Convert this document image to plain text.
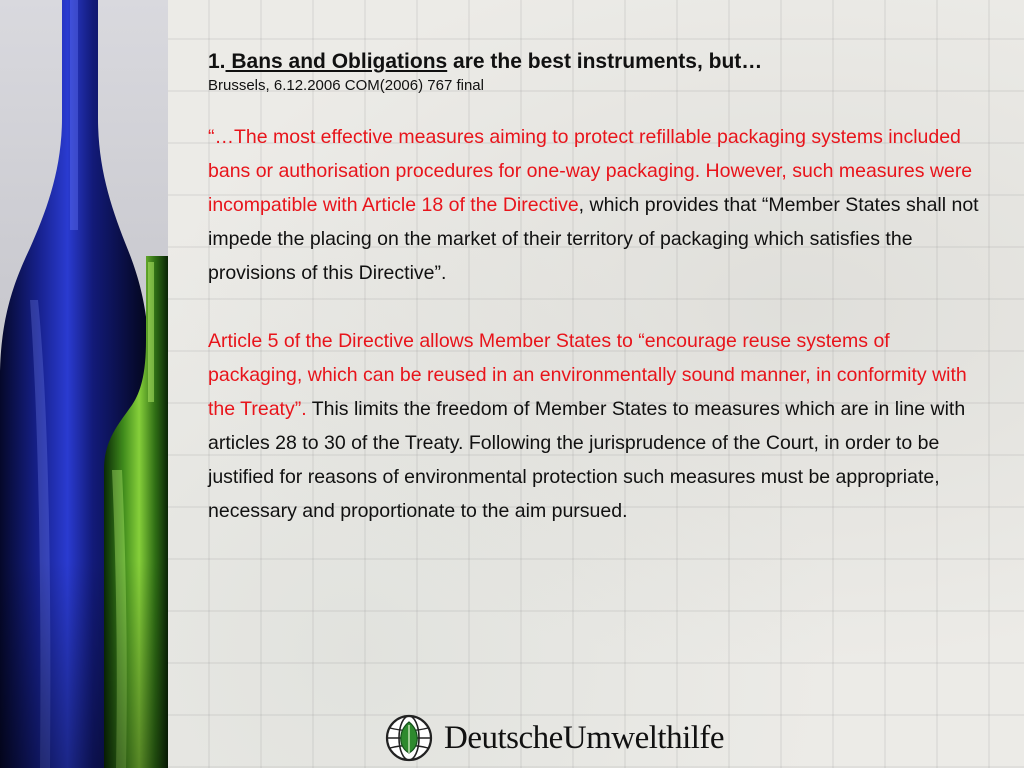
1. Bans and Obligations are the best instruments, but…
Brussels, 6.12.2006 COM(2006) 767 final

“…The most effective measures aiming to protect refillable packaging systems included bans or authorisation procedures for one-way packaging. However, such measures were incompatible with Article 18 of the Directive, which provides that “Member States shall not impede the placing on the market of their territory of packaging which satisfies the provisions of this Directive”.

Article 5 of the Directive allows Member States to “encourage reuse systems of packaging, which can be reused in an environmentally sound manner, in conformity with the Treaty”. This limits the freedom of Member States to measures which are in line with articles 28 to 30 of the Treaty. Following the jurisprudence of the Court, in order to be justified for reasons of environmental protection such measures must be appropriate, necessary and proportionate to the aim pursued.

DeutscheUmwelthilfe
